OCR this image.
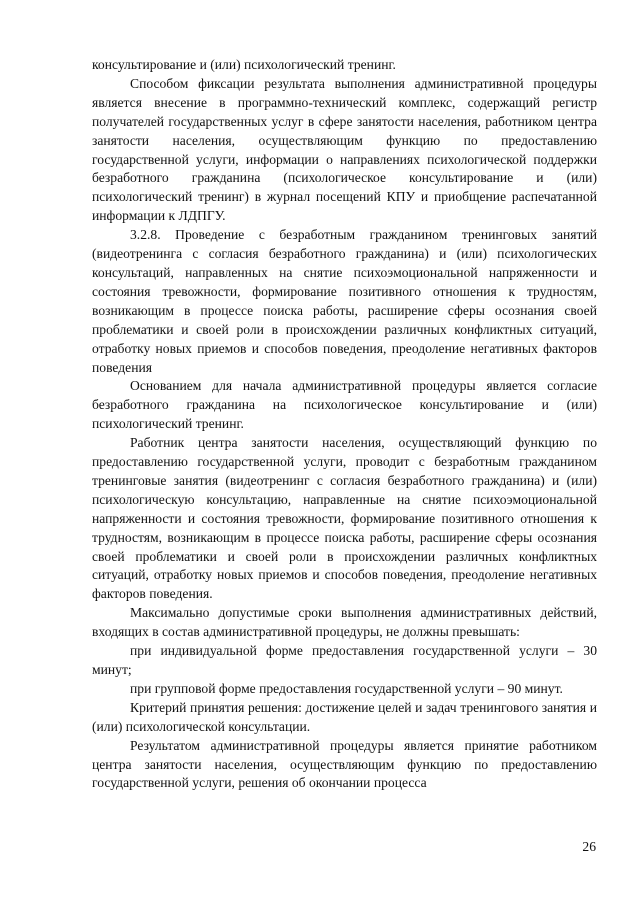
консультирование и (или) психологический тренинг.

Способом фиксации результата выполнения административной процедуры является внесение в программно-технический комплекс, содержащий регистр получателей государственных услуг в сфере занятости населения, работником центра занятости населения, осуществляющим функцию по предоставлению государственной услуги, информации о направлениях психологической поддержки безработного гражданина (психологическое консультирование и (или) психологический тренинг) в журнал посещений КПУ и приобщение распечатанной информации к ЛДПГУ.

3.2.8. Проведение с безработным гражданином тренинговых занятий (видеотренинга с согласия безработного гражданина) и (или) психологических консультаций, направленных на снятие психоэмоциональной напряженности и состояния тревожности, формирование позитивного отношения к трудностям, возникающим в процессе поиска работы, расширение сферы осознания своей проблематики и своей роли в происхождении различных конфликтных ситуаций, отработку новых приемов и способов поведения, преодоление негативных факторов поведения

Основанием для начала административной процедуры является согласие безработного гражданина на психологическое консультирование и (или) психологический тренинг.

Работник центра занятости населения, осуществляющий функцию по предоставлению государственной услуги, проводит с безработным гражданином тренинговые занятия (видеотренинг с согласия безработного гражданина) и (или) психологическую консультацию, направленные на снятие психоэмоциональной напряженности и состояния тревожности, формирование позитивного отношения к трудностям, возникающим в процессе поиска работы, расширение сферы осознания своей проблематики и своей роли в происхождении различных конфликтных ситуаций, отработку новых приемов и способов поведения, преодоление негативных факторов поведения.

Максимально допустимые сроки выполнения административных действий, входящих в состав административной процедуры, не должны превышать:

при индивидуальной форме предоставления государственной услуги – 30 минут;

при групповой форме предоставления государственной услуги – 90 минут.

Критерий принятия решения: достижение целей и задач тренингового занятия и (или) психологической консультации.

Результатом административной процедуры является принятие работником центра занятости населения, осуществляющим функцию по предоставлению государственной услуги, решения об окончании процесса

26
